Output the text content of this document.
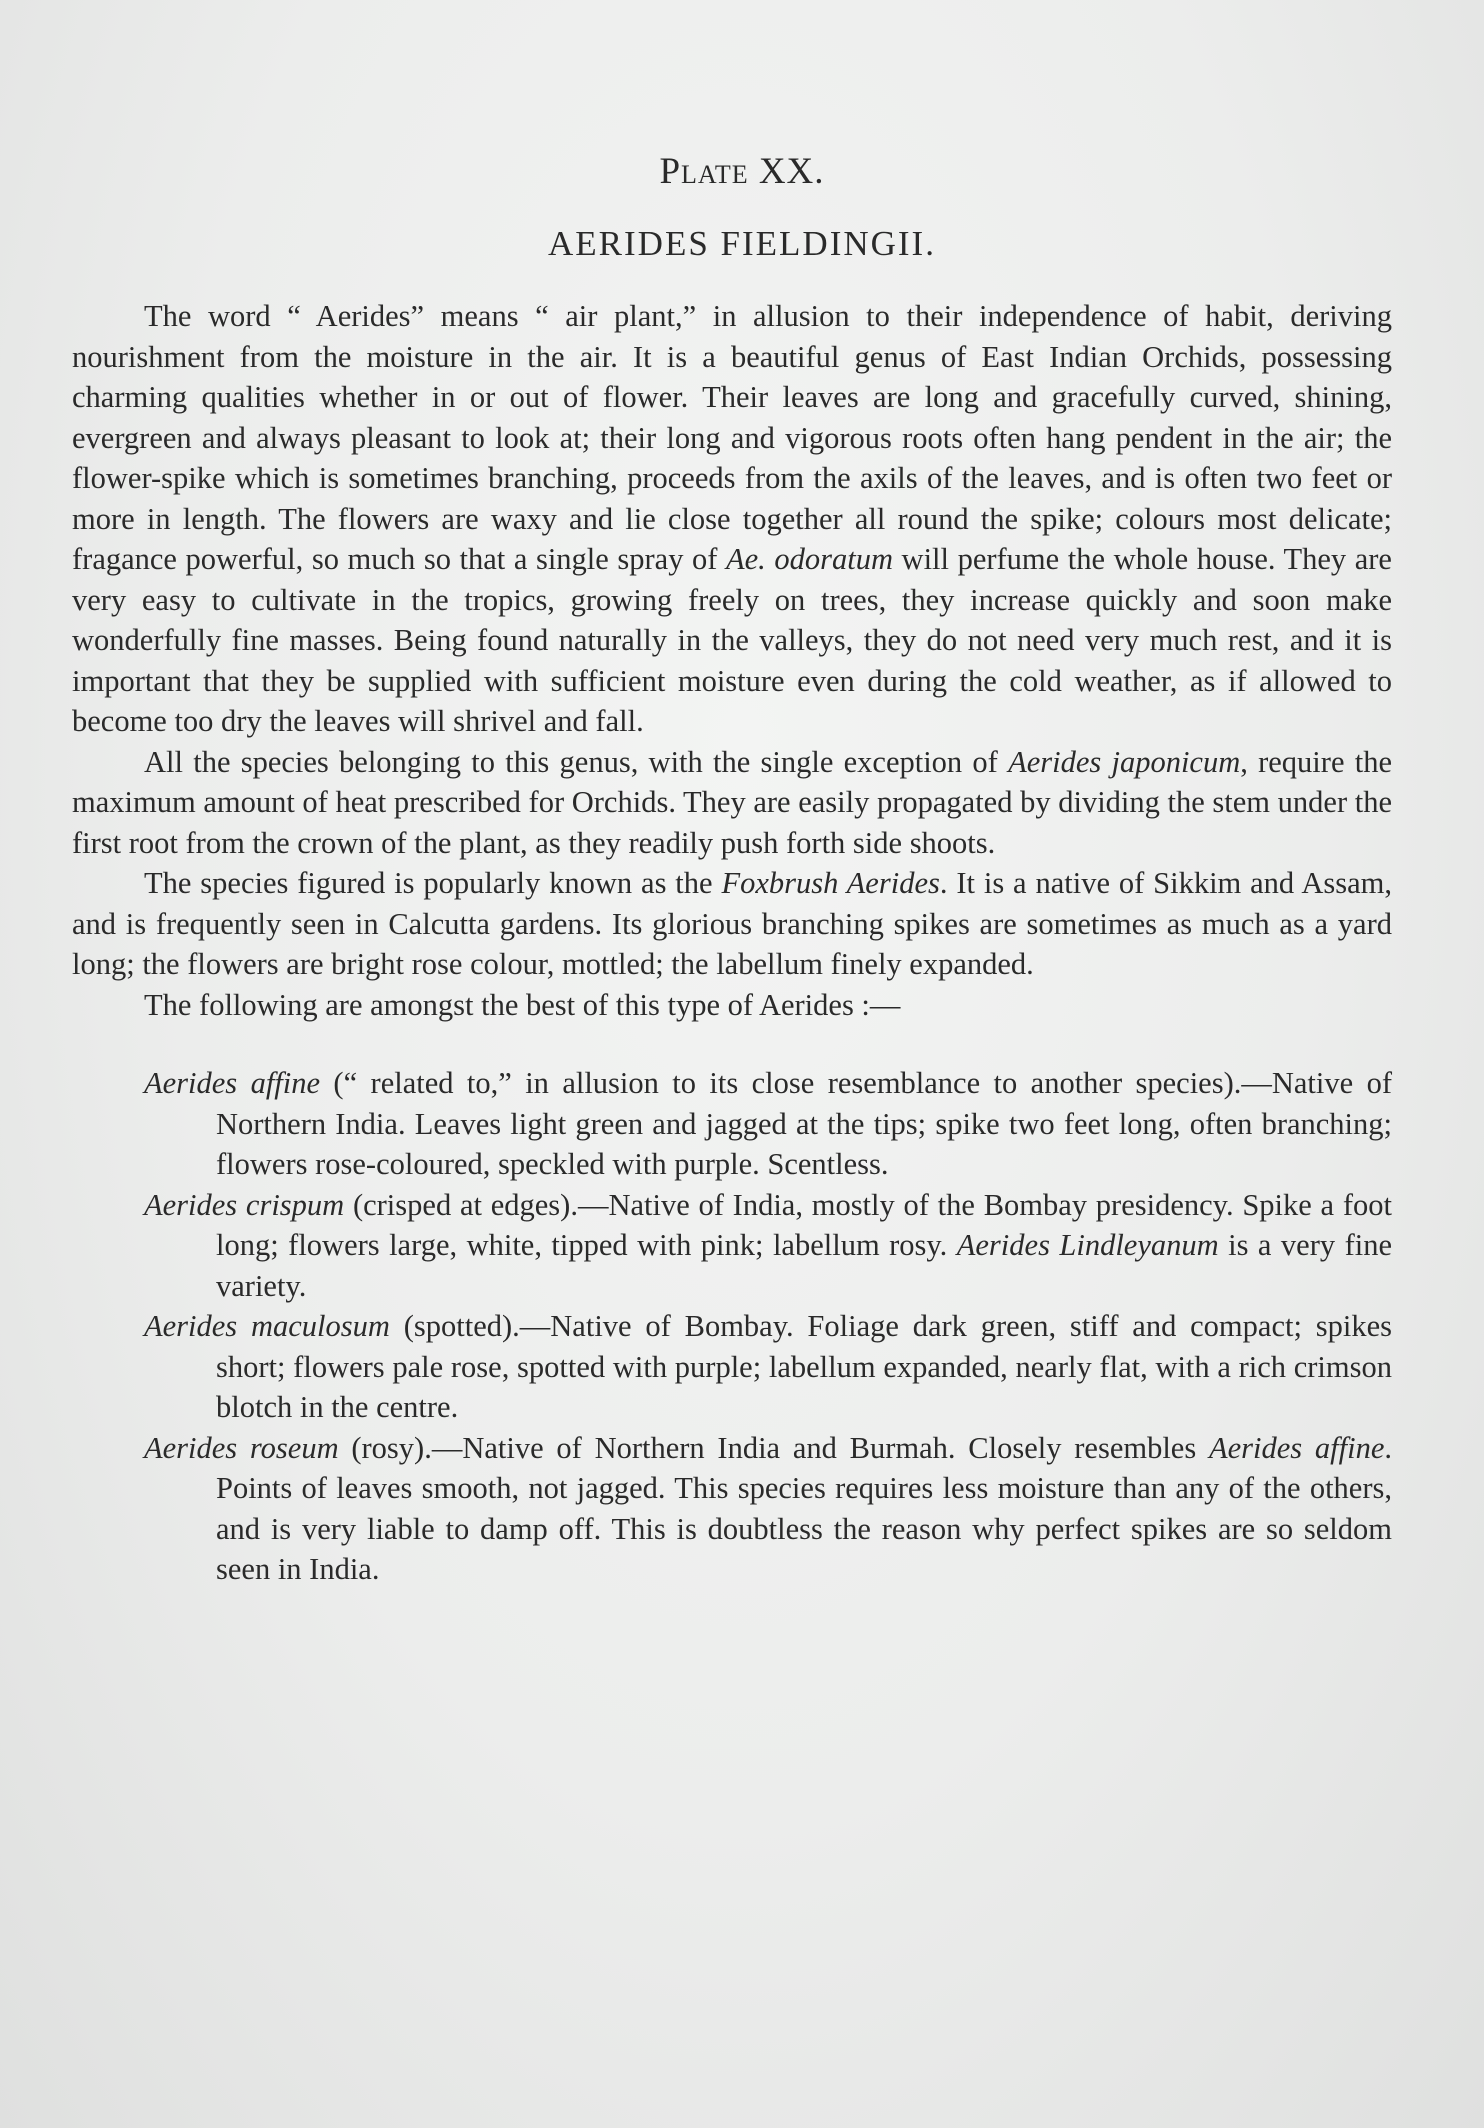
Plate XX.
AERIDES FIELDINGII.

The word “ Aerides” means “ air plant,” in allusion to their independence of habit, deriving nourishment from the moisture in the air. It is a beautiful genus of East Indian Orchids, possessing charming qualities whether in or out of flower. Their leaves are long and gracefully curved, shining, evergreen and always pleasant to look at; their long and vigorous roots often hang pendent in the air; the flower-spike which is sometimes branching, proceeds from the axils of the leaves, and is often two feet or more in length. The flowers are waxy and lie close together all round the spike; colours most delicate; fragance powerful, so much so that a single spray of Ae. odoratum will perfume the whole house. They are very easy to cultivate in the tropics, growing freely on trees, they increase quickly and soon make wonderfully fine masses. Being found naturally in the valleys, they do not need very much rest, and it is important that they be supplied with sufficient moisture even during the cold weather, as if allowed to become too dry the leaves will shrivel and fall.

All the species belonging to this genus, with the single exception of Aerides japonicum, require the maximum amount of heat prescribed for Orchids. They are easily propagated by dividing the stem under the first root from the crown of the plant, as they readily push forth side shoots.

The species figured is popularly known as the Foxbrush Aerides. It is a native of Sikkim and Assam, and is frequently seen in Calcutta gardens. Its glorious branching spikes are sometimes as much as a yard long; the flowers are bright rose colour, mottled; the labellum finely expanded.

The following are amongst the best of this type of Aerides :—

Aerides affine (“ related to,” in allusion to its close resemblance to another species).—Native of Northern India. Leaves light green and jagged at the tips; spike two feet long, often branching; flowers rose-coloured, speckled with purple. Scentless.
Aerides crispum (crisped at edges).—Native of India, mostly of the Bombay presidency. Spike a foot long; flowers large, white, tipped with pink; labellum rosy. Aerides Lindleyanum is a very fine variety.
Aerides maculosum (spotted).—Native of Bombay. Foliage dark green, stiff and compact; spikes short; flowers pale rose, spotted with purple; labellum expanded, nearly flat, with a rich crimson blotch in the centre.
Aerides roseum (rosy).—Native of Northern India and Burmah. Closely resembles Aerides affine. Points of leaves smooth, not jagged. This species requires less moisture than any of the others, and is very liable to damp off. This is doubtless the reason why perfect spikes are so seldom seen in India.
